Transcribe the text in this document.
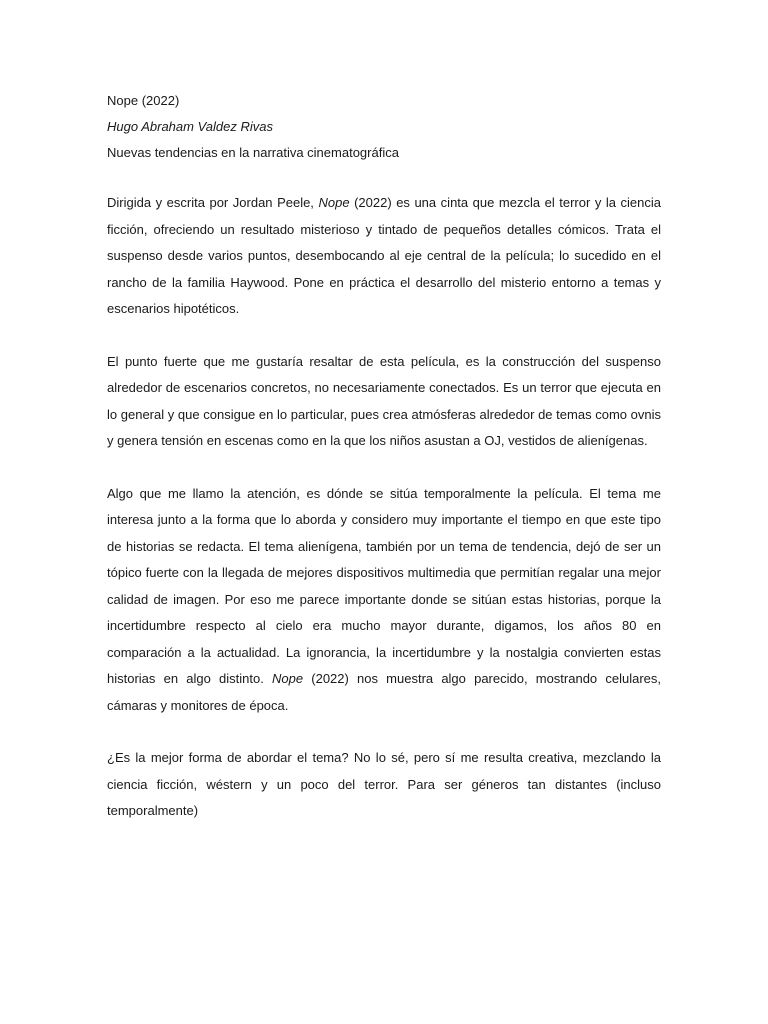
Nope (2022)

Hugo Abraham Valdez Rivas

Nuevas tendencias en la narrativa cinematográfica

Dirigida y escrita por Jordan Peele, Nope (2022) es una cinta que mezcla el terror y la ciencia ficción, ofreciendo un resultado misterioso y tintado de pequeños detalles cómicos. Trata el suspenso desde varios puntos, desembocando al eje central de la película; lo sucedido en el rancho de la familia Haywood. Pone en práctica el desarrollo del misterio entorno a temas y escenarios hipotéticos.

El punto fuerte que me gustaría resaltar de esta película, es la construcción del suspenso alrededor de escenarios concretos, no necesariamente conectados. Es un terror que ejecuta en lo general y que consigue en lo particular, pues crea atmósferas alrededor de temas como ovnis y genera tensión en escenas como en la que los niños asustan a OJ, vestidos de alienígenas.

Algo que me llamo la atención, es dónde se sitúa temporalmente la película. El tema me interesa junto a la forma que lo aborda y considero muy importante el tiempo en que este tipo de historias se redacta. El tema alienígena, también por un tema de tendencia, dejó de ser un tópico fuerte con la llegada de mejores dispositivos multimedia que permitían regalar una mejor calidad de imagen. Por eso me parece importante donde se sitúan estas historias, porque la incertidumbre respecto al cielo era mucho mayor durante, digamos, los años 80 en comparación a la actualidad. La ignorancia, la incertidumbre y la nostalgia convierten estas historias en algo distinto. Nope (2022) nos muestra algo parecido, mostrando celulares, cámaras y monitores de época.

¿Es la mejor forma de abordar el tema? No lo sé, pero sí me resulta creativa, mezclando la ciencia ficción, wéstern y un poco del terror. Para ser géneros tan distantes (incluso temporalmente)
